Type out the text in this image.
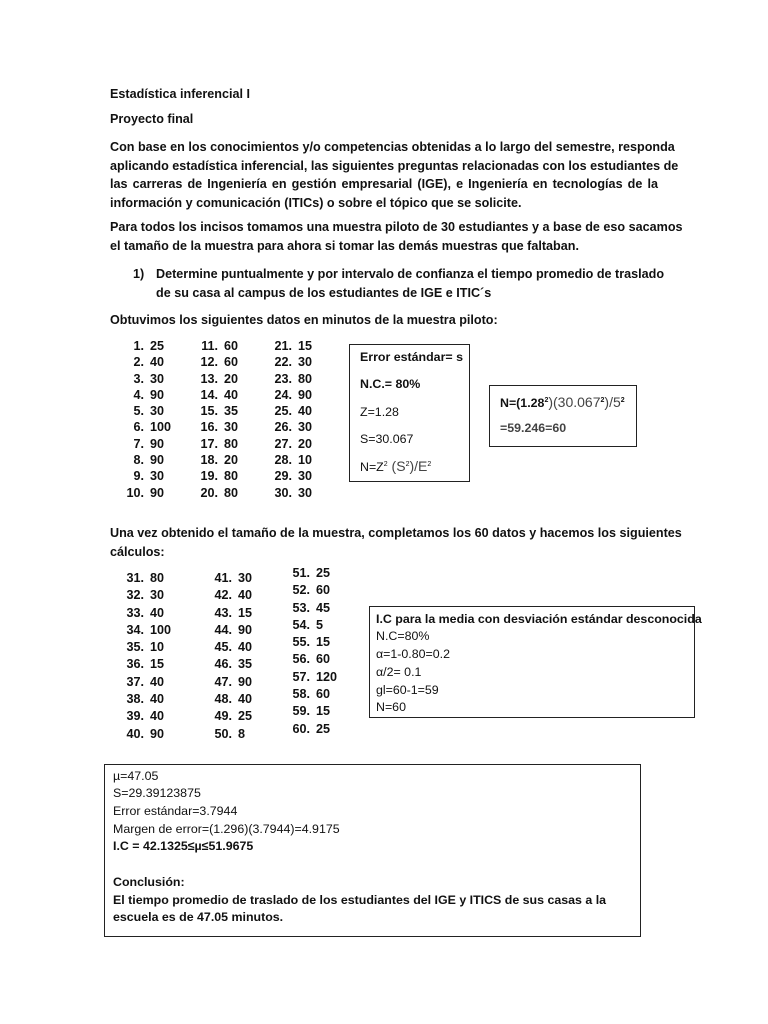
Estadística inferencial I
Proyecto final
Con base en los conocimientos y/o competencias obtenidas a lo largo del semestre, responda
aplicando estadística inferencial, las siguientes preguntas relacionadas con los estudiantes de
las carreras de Ingeniería en gestión empresarial (IGE), e Ingeniería en tecnologías de la
información y comunicación (ITICs) o sobre el tópico que se solicite.
Para todos los incisos tomamos una muestra piloto de 30 estudiantes y a base de eso sacamos
el tamaño de la muestra para ahora si tomar las demás muestras que faltaban.
1) Determine puntualmente y por intervalo de confianza el tiempo promedio de traslado
de su casa al campus de los estudiantes de IGE e ITIC´s
Obtuvimos los siguientes datos en minutos de la muestra piloto:
1. 25
2. 40
3. 30
4. 90
5. 30
6. 100
7. 90
8. 90
9. 30
10. 90
11. 60
12. 60
13. 20
14. 40
15. 35
16. 30
17. 80
18. 20
19. 80
20. 80
21. 15
22. 30
23. 80
24. 90
25. 40
26. 30
27. 20
28. 10
29. 30
30. 30
Error estándar= s
N.C.= 80%
Z=1.28
S=30.067
$N=Z^2$ $(S^2)/E^2$
$N=(1.28^2)(30.067^2)/5^2$
=59.246=60
Una vez obtenido el tamaño de la muestra, completamos los 60 datos y hacemos los siguientes
cálculos:
31. 80
32. 30
33. 40
34. 100
35. 10
36. 15
37. 40
38. 40
39. 40
40. 90
41. 30
42. 40
43. 15
44. 90
45. 40
46. 35
47. 90
48. 40
49. 25
50. 8
51. 25
52. 60
53. 45
54. 5
55. 15
56. 60
57. 120
58. 60
59. 15
60. 25
I.C para la media con desviación estándar desconocida
N.C=80%
α=1-0.80=0.2
α/2= 0.1
gl=60-1=59
N=60
µ=47.05
S=29.39123875
Error estándar=3.7944
Margen de error=(1.296)(3.7944)=4.9175
I.C = 42.1325≤µ≤51.9675
Conclusión:
El tiempo promedio de traslado de los estudiantes del IGE y ITICS de sus casas a la
escuela es de 47.05 minutos.
